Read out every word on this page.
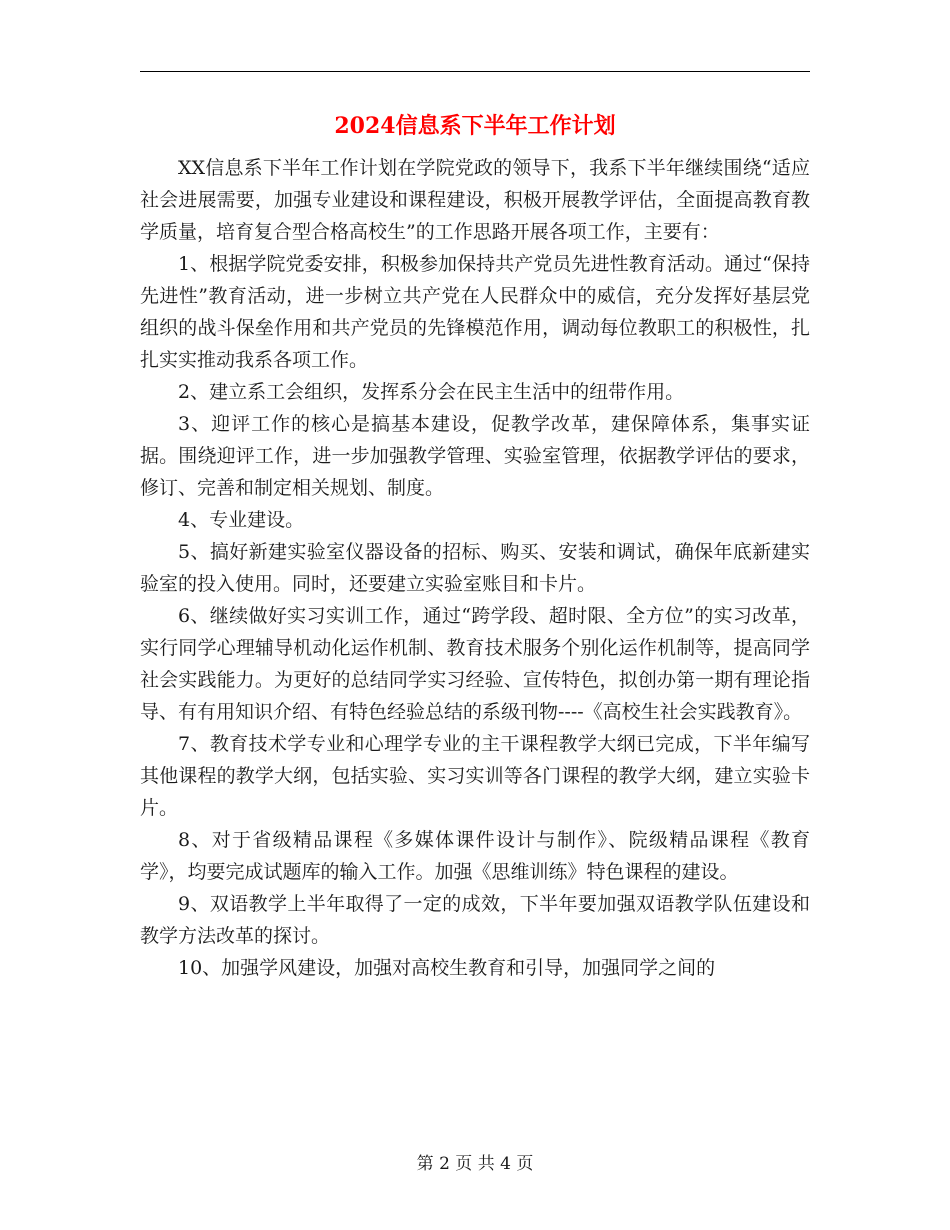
2024信息系下半年工作计划

XX信息系下半年工作计划在学院党政的领导下，我系下半年继续围绕“适应社会进展需要，加强专业建设和课程建设，积极开展教学评估，全面提高教育教学质量，培育复合型合格高校生”的工作思路开展各项工作，主要有：

1、根据学院党委安排，积极参加保持共产党员先进性教育活动。通过“保持先进性”教育活动，进一步树立共产党在人民群众中的威信，充分发挥好基层党组织的战斗保垒作用和共产党员的先锋模范作用，调动每位教职工的积极性，扎扎实实推动我系各项工作。

2、建立系工会组织，发挥系分会在民主生活中的纽带作用。

3、迎评工作的核心是搞基本建设，促教学改革，建保障体系，集事实证据。围绕迎评工作，进一步加强教学管理、实验室管理，依据教学评估的要求，修订、完善和制定相关规划、制度。

4、专业建设。

5、搞好新建实验室仪器设备的招标、购买、安装和调试，确保年底新建实验室的投入使用。同时，还要建立实验室账目和卡片。

6、继续做好实习实训工作，通过“跨学段、超时限、全方位”的实习改革，实行同学心理辅导机动化运作机制、教育技术服务个别化运作机制等，提高同学社会实践能力。为更好的总结同学实习经验、宣传特色，拟创办第一期有理论指导、有有用知识介绍、有特色经验总结的系级刊物----《高校生社会实践教育》。

7、教育技术学专业和心理学专业的主干课程教学大纲已完成，下半年编写其他课程的教学大纲，包括实验、实习实训等各门课程的教学大纲，建立实验卡片。

8、对于省级精品课程《多媒体课件设计与制作》、院级精品课程《教育学》，均要完成试题库的输入工作。加强《思维训练》特色课程的建设。

9、双语教学上半年取得了一定的成效，下半年要加强双语教学队伍建设和教学方法改革的探讨。

10、加强学风建设，加强对高校生教育和引导，加强同学之间的

第 2 页 共 4 页
